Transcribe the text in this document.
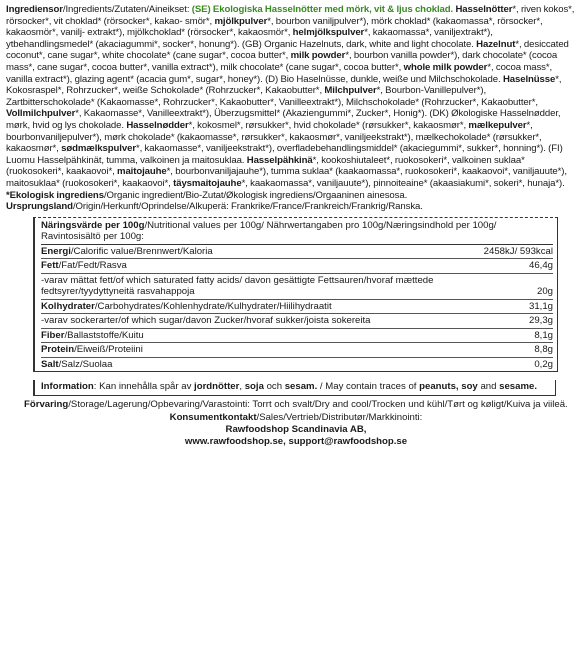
Ingrediensor/Ingredients/Zutaten/Aineikset: (SE) Ekologiska Hasselnötter med mörk, vit & ljus choklad. Hasselnötter*, riven kokos*, rörsocker*, vit choklad* (rörsocker*, kakao- smör*, mjölkpulver*, bourbon vaniljpulver*), mörk choklad* (kakaomassa*, rörsocker*, kakaosmör*, vanilj- extrakt*), mjölkchoklad* (rörsocker*, kakaosmör*, helmjölkspulver*, kakaomassa*, vaniljextrakt*), ytbehandlingsmedel* (akaciagummi*, socker*, honung*). (GB) Organic Hazelnuts, dark, white and light chocolate. Hazelnut*, desiccated coconut*, cane sugar*, white chocolate* (cane sugar*, cocoa butter*, milk powder*, bourbon vanilla powder*), dark chocolate* (cocoa mass*, cane sugar*, cocoa butter*, vanilla extract*), milk chocolate* (cane sugar*, cocoa butter*, whole milk powder*, cocoa mass*, vanilla extract*), glazing agent* (acacia gum*, sugar*, honey*). (D) Bio Haselnüsse, dunkle, weiße und Milchschokolade. Haselnüsse*, Kokosraspel*, Rohrzucker*, weiße Schokolade* (Rohrzucker*, Kakaobutter*, Milchpulver*, Bourbon-Vanillepulver*), Zartbitterschokolade* (Kakaomasse*, Rohrzucker*, Kakaobutter*, Vanilleextrakt*), Milchschokolade* (Rohrzucker*, Kakaobutter*, Vollmilchpulver*, Kakaomasse*, Vanilleextrakt*), Überzugsmittel* (Akaziengummi*, Zucker*, Honig*). (DK) Økologiske Hasselnødder, mørk, hvid og lys chokolade. Hasselnødder*, kokosmel*, rørsukker*, hvid chokolade* (rørsukker*, kakaosmør*, mælkepulver*, bourbonvaniljepulver*), mørk chokolade* (kakaomasse*, rørsukker*, kakaosmør*, vaniljeekstrakt*), mælkechokolade* (rørsukker*, kakaosmør*, sødmælkspulver*, kakaomasse*, vaniljeekstrakt*), overfladebehandlingsmiddel* (akaciegummi*, sukker*, honning*). (FI) Luomu Hasselpähkinät, tumma, valkoinen ja maitosuklaa. Hasselpähkinä*, kookoshiutaleet*, ruokosokeri*, valkoinen suklaa* (ruokosokeri*, kaakaovoi*, maitojauhe*, bourbonvaniljajauhe*), tumma suklaa* (kaakaomassa*, ruokosokeri*, kaakaovoi*, vaniljauute*), maitosuklaa* (ruokosokeri*, kaakaovoi*, täysmaitojauhe*, kaakaomassa*, vaniljauute*), pinnoiteaine* (akaasiakumi*, sokeri*, hunaja*). *Ekologisk ingrediens/Organic ingredient/Bio-Zutat/Økologisk ingrediens/Orgaaninen ainesosa. Ursprungsland/Origin/Herkunft/Oprindelse/Alkuperä: Frankrike/France/Frankreich/Frankrig/Ranska.

Näringsvärde per 100g/Nutritional values per 100g/ Nährwertangaben pro 100g/Næringsindhold per 100g/
Ravintosisältö per 100g:
Energi/Calorific value/Brennwert/Kaloria	2458kJ/ 593kcal
Fett/Fat/Fedt/Rasva	46,4g
-varav mättat fett/of which saturated fatty acids/ davon gesättigte Fettsauren/hvoraf mættede fedtsyrer/tyydyttyneitä rasvahappoja	20g
Kolhydrater/Carbohydrates/Kohlenhydrate/Kulhydrater/Hiilihydraatit	31,1g
-varav sockerarter/of which sugar/davon Zucker/hvoraf sukker/joista sokereita	29,3g
Fiber/Ballaststoffe/Kuitu	8,1g
Protein/Eiweiß/Proteiini	8,8g
Salt/Salz/Suolaa	0,2g
Information: Kan innehålla spår av jordnötter, soja och sesam. / May contain traces of peanuts, soy and sesame.
Förvaring/Storage/Lagerung/Opbevaring/Varastointi: Torrt och svalt/Dry and cool/Trocken und kühl/Tørt og køligt/Kuiva ja viileä.
Konsumentkontakt/Sales/Vertrieb/Distributør/Markkinointi:
Rawfoodshop Scandinavia AB,
www.rawfoodshop.se, support@rawfoodshop.se
